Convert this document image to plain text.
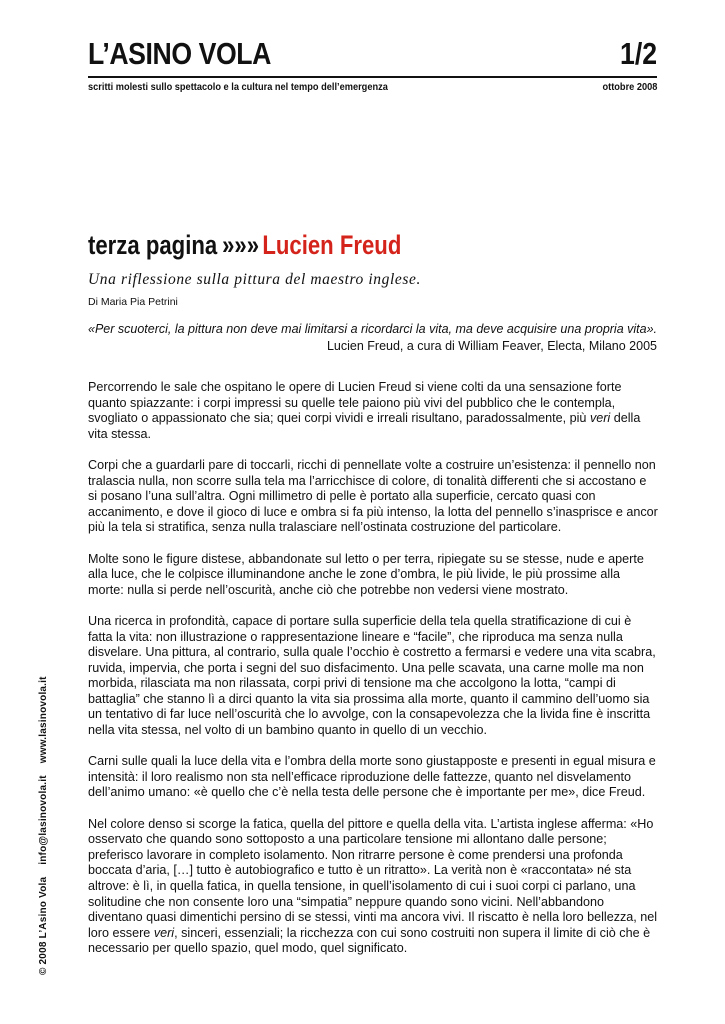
L’ASINO VOLA	1/2
scritti molesti sullo spettacolo e la cultura nel tempo dell’emergenza	ottobre 2008
terza pagina »»» Lucien Freud
Una riflessione sulla pittura del maestro inglese.
Di Maria Pia Petrini
«Per scuoterci, la pittura non deve mai limitarsi a ricordarci la vita, ma deve acquisire una propria vita».
Lucien Freud, a cura di William Feaver, Electa, Milano 2005

Percorrendo le sale che ospitano le opere di Lucien Freud si viene colti da una sensazione forte quanto spiazzante: i corpi impressi su quelle tele paiono più vivi del pubblico che le contempla, svogliato o appassionato che sia; quei corpi vividi e irreali risultano, paradossalmente, più veri della vita stessa.

Corpi che a guardarli pare di toccarli, ricchi di pennellate volte a costruire un’esistenza: il pennello non tralascia nulla, non scorre sulla tela ma l’arricchisce di colore, di tonalità differenti che si accostano e si posano l’una sull’altra. Ogni millimetro di pelle è portato alla superficie, cercato quasi con accanimento, e dove il gioco di luce e ombra si fa più intenso, la lotta del pennello s’inasprisce e ancor più la tela si stratifica, senza nulla tralasciare nell’ostinata costruzione del particolare.

Molte sono le figure distese, abbandonate sul letto o per terra, ripiegate su se stesse, nude e aperte alla luce, che le colpisce illuminandone anche le zone d’ombra, le più livide, le più prossime alla morte: nulla si perde nell’oscurità, anche ciò che potrebbe non vedersi viene mostrato.

Una ricerca in profondità, capace di portare sulla superficie della tela quella stratificazione di cui è fatta la vita: non illustrazione o rappresentazione lineare e “facile”, che riproduca ma senza nulla disvelare. Una pittura, al contrario, sulla quale l’occhio è costretto a fermarsi e vedere una vita scabra, ruvida, impervia, che porta i segni del suo disfacimento. Una pelle scavata, una carne molle ma non morbida, rilasciata ma non rilassata, corpi privi di tensione ma che accolgono la lotta, “campi di battaglia” che stanno lì a dirci quanto la vita sia prossima alla morte, quanto il cammino dell’uomo sia un tentativo di far luce nell’oscurità che lo avvolge, con la consapevolezza che la livida fine è inscritta nella vita stessa, nel volto di un bambino quanto in quello di un vecchio.

Carni sulle quali la luce della vita e l’ombra della morte sono giustapposte e presenti in egual misura e intensità: il loro realismo non sta nell’efficace riproduzione delle fattezze, quanto nel disvelamento dell’animo umano: «è quello che c’è nella testa delle persone che è importante per me», dice Freud.

Nel colore denso si scorge la fatica, quella del pittore e quella della vita. L’artista inglese afferma: «Ho osservato che quando sono sottoposto a una particolare tensione mi allontano dalle persone; preferisco lavorare in completo isolamento. Non ritrarre persone è come prendersi una profonda boccata d’aria, […] tutto è autobiografico e tutto è un ritratto». La verità non è «raccontata» né sta altrove: è lì, in quella fatica, in quella tensione, in quell’isolamento di cui i suoi corpi ci parlano, una solitudine che non consente loro una “simpatia” neppure quando sono vicini. Nell’abbandono diventano quasi dimentichi persino di se stessi, vinti ma ancora vivi. Il riscatto è nella loro bellezza, nel loro essere veri, sinceri, essenziali; la ricchezza con cui sono costruiti non supera il limite di ciò che è necessario per quello spazio, quel modo, quel significato.

© 2008 L’Asino Volainfo@lasinovola.itwww.lasinovola.it
